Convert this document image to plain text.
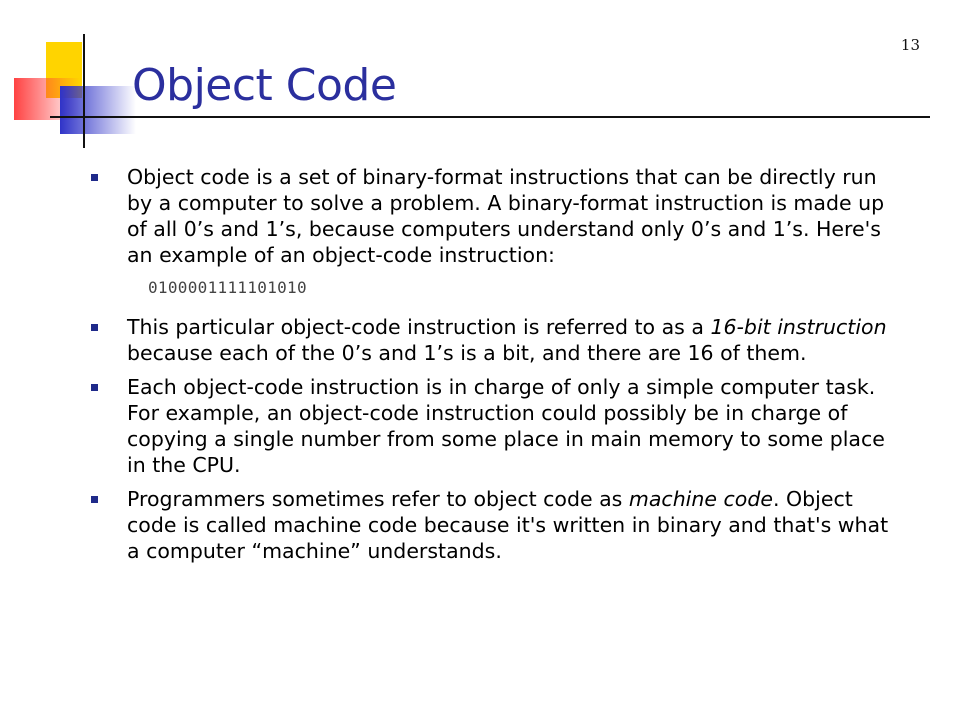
13
Object Code
Object code is a set of binary-format instructions that can be directly run by a computer to solve a problem. A binary-format instruction is made up of all 0’s and 1’s, because computers understand only 0’s and 1’s. Here's an example of an object-code instruction:
0100001111101010
This particular object-code instruction is referred to as a 16-bit instruction because each of the 0’s and 1’s is a bit, and there are 16 of them.
Each object-code instruction is in charge of only a simple computer task. For example, an object-code instruction could possibly be in charge of copying a single number from some place in main memory to some place in the CPU.
Programmers sometimes refer to object code as machine code. Object code is called machine code because it's written in binary and that's what a computer “machine” understands.
